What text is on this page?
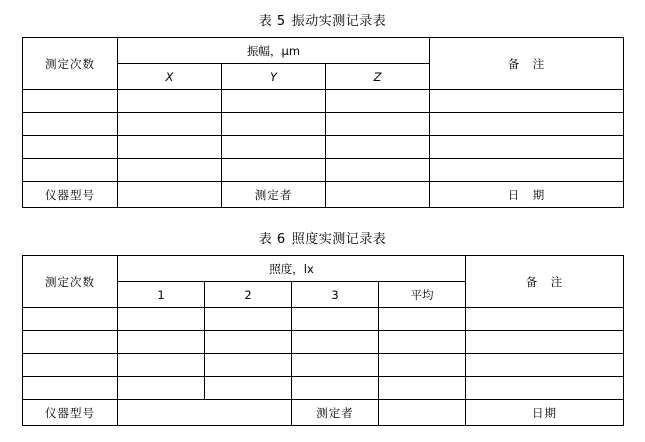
表 5 振动实测记录表
测定次数	振幅，μm			备　注
	X	Y	Z	

仪器型号		测定者		日　期
表 6 照度实测记录表
测定次数	照度，lx				备　注
	1	2	3	平均	

仪器型号			测定者		日期
